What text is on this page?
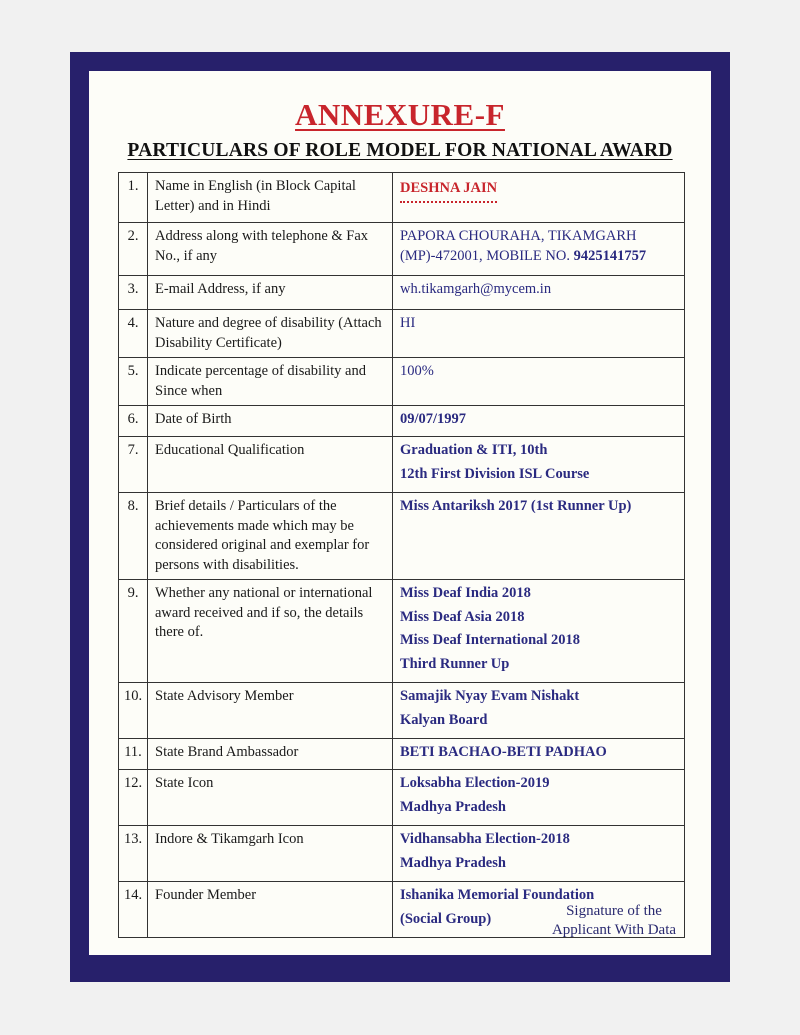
ANNEXURE-F
PARTICULARS OF ROLE MODEL FOR NATIONAL AWARD
1.	Name in English (in Block Capital Letter) and in Hindi	DESHNA JAIN
2.	Address along with telephone & Fax No., if any	PAPORA CHOURAHA, TIKAMGARH (MP)-472001, MOBILE NO. 9425141757
3.	E-mail Address, if any	wh.tikamgarh@mycem.in
4.	Nature and degree of disability (Attach Disability Certificate)	HI
5.	Indicate percentage of disability and Since when	100%
6.	Date of Birth	09/07/1997
7.	Educational Qualification	Graduation & ITI, 10th
12th First Division ISL Course

8.	Brief details / Particulars of the achievements made which may be considered original and exemplar for persons with disabilities.	Miss Antariksh 2017 (1st Runner Up)
9.	Whether any national or international award received and if so, the details there of.	Miss Deaf India 2018
Miss Deaf Asia 2018
Miss Deaf International 2018
Third Runner Up

10.	State Advisory Member	Samajik Nyay Evam Nishakt
Kalyan Board

11.	State Brand Ambassador	BETI BACHAO-BETI PADHAO
12.	State Icon	Loksabha Election-2019
Madhya Pradesh

13.	Indore & Tikamgarh Icon	Vidhansabha Election-2018
Madhya Pradesh

14.	Founder Member	Ishanika Memorial Foundation
(Social Group)	Signature of the
Applicant With Data
